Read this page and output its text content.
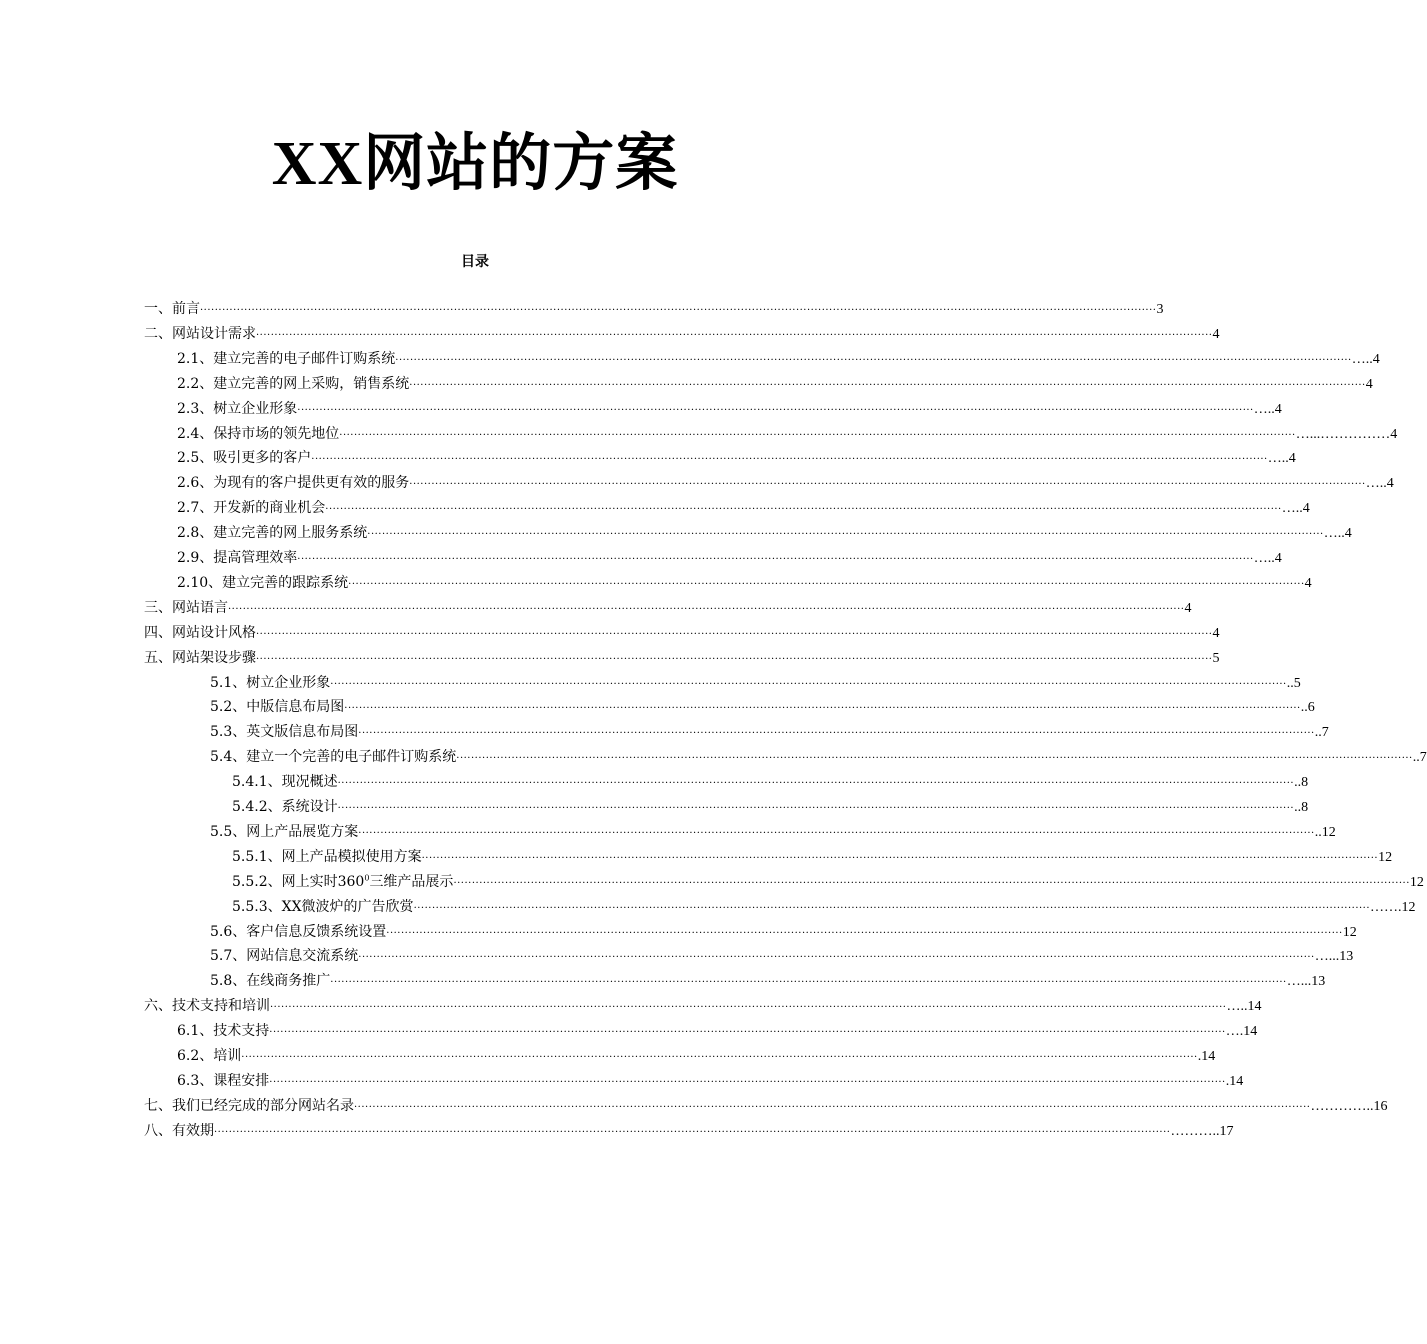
XX网站的方案
目录
一、前言 ···································································································································································································································································· 3
二、网站设计需求 ···································································································································································································································································· 4
2.1、建立完善的电子邮件订购系统 ···································································································································································································································································· …..4
2.2、建立完善的网上采购，销售系统 ···································································································································································································································································· 4
2.3、树立企业形象 ···································································································································································································································································· …..4
2.4、保持市场的领先地位 ···································································································································································································································································· …...……………4
2.5、吸引更多的客户 ···································································································································································································································································· …..4
2.6、为现有的客户提供更有效的服务 ···································································································································································································································································· …..4
2.7、开发新的商业机会 ···································································································································································································································································· …..4
2.8、建立完善的网上服务系统 ···································································································································································································································································· …..4
2.9、提高管理效率 ···································································································································································································································································· …..4
2.10、建立完善的跟踪系统 ···································································································································································································································································· 4
三、网站语言 ···································································································································································································································································· 4
四、网站设计风格 ···································································································································································································································································· 4
五、网站架设步骤 ···································································································································································································································································· 5
5.1、树立企业形象 ···································································································································································································································································· ..5
5.2、中版信息布局图 ···································································································································································································································································· ..6
5.3、英文版信息布局图 ···································································································································································································································································· ..7
5.4、建立一个完善的电子邮件订购系统 ···································································································································································································································································· ..7
5.4.1、现况概述 ···································································································································································································································································· ..8
5.4.2、系统设计 ···································································································································································································································································· ..8
5.5、网上产品展览方案 ···································································································································································································································································· ..12
5.5.1、网上产品模拟使用方案 ···································································································································································································································································· 12
5.5.2、网上实时$360^0$三维产品展示 ···································································································································································································································································· 12
5.5.3、XX微波炉的广告欣赏 ···································································································································································································································································· …….12
5.6、客户信息反馈系统设置 ···································································································································································································································································· 12
5.7、网站信息交流系统 ···································································································································································································································································· …...13
5.8、在线商务推广 ···································································································································································································································································· …...13
六、技术支持和培训 ···································································································································································································································································· …..14
6.1、技术支持 ···································································································································································································································································· ….14
6.2、培训 ···································································································································································································································································· .14
6.3、课程安排 ···································································································································································································································································· .14
七、我们已经完成的部分网站名录 ···································································································································································································································································· …………..16
八、有效期 ···································································································································································································································································· ………..17
